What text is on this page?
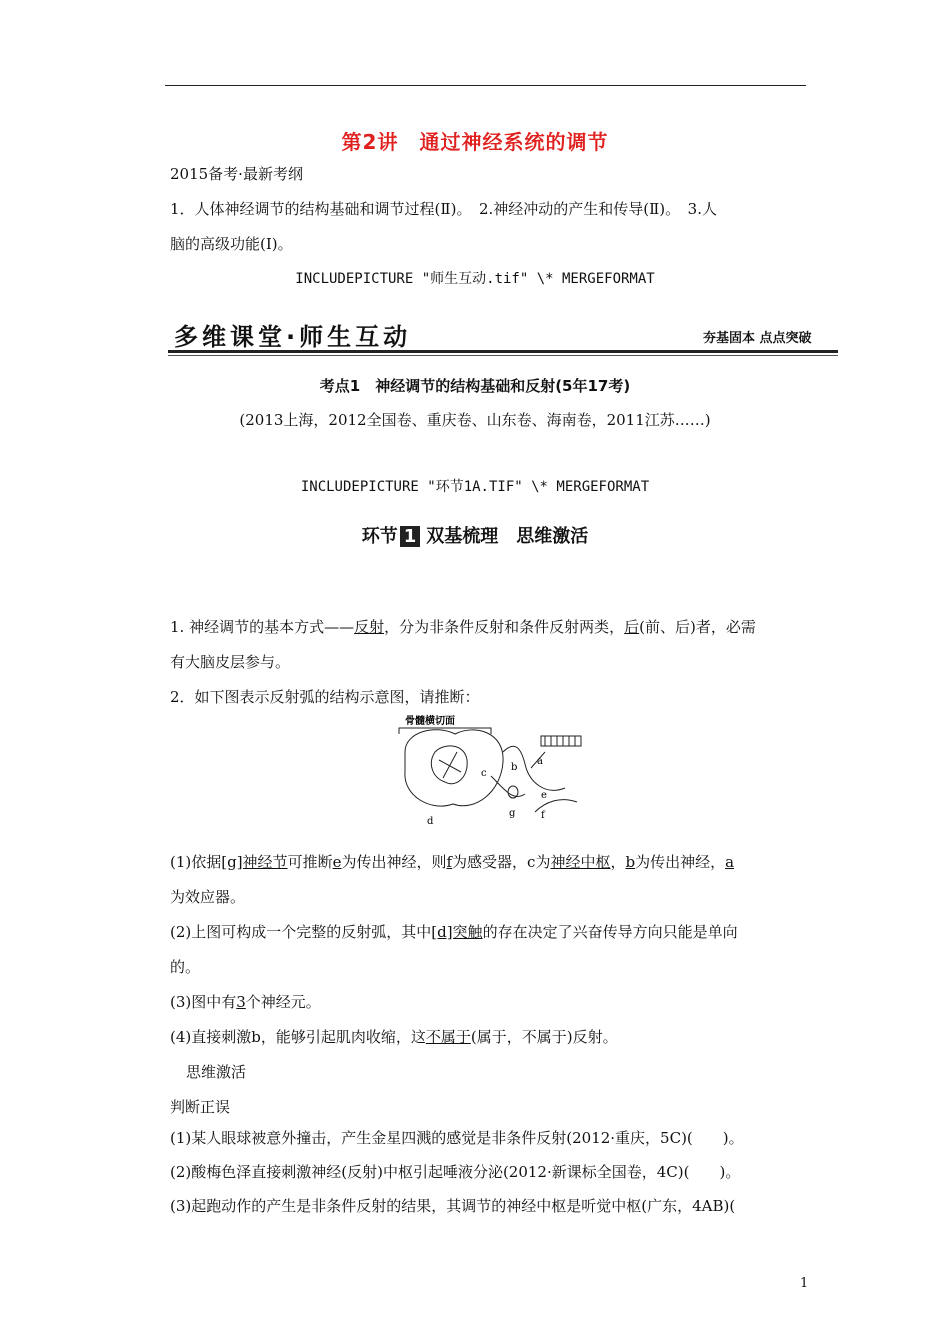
第2讲　通过神经系统的调节
2015备考·最新考纲
1．人体神经调节的结构基础和调节过程(Ⅱ)。　2.神经冲动的产生和传导(Ⅱ)。　3.人
脑的高级功能(Ⅰ)。
INCLUDEPICTURE "师生互动.tif" \* MERGEFORMAT
多维课堂·师生互动	夯基固本 点点突破
考点1　神经调节的结构基础和反射(5年17考)
(2013上海，2012全国卷、重庆卷、山东卷、海南卷，2011江苏……)
INCLUDEPICTURE "环节1A.TIF" \* MERGEFORMAT
环节 1 双基梳理　思维激活
1. 神经调节的基本方式——反射，分为非条件反射和条件反射两类，后(前、后)者，必需
有大脑皮层参与。
2．如下图表示反射弧的结构示意图，请推断：
骨髓横切面
a
b
c
d
e
f
g
(1)依据[g]神经节可推断e为传出神经，则f为感受器，c为神经中枢，b为传出神经，a
为效应器。
(2)上图可构成一个完整的反射弧，其中[d]突触的存在决定了兴奋传导方向只能是单向
的。
(3)图中有3个神经元。
(4)直接刺激b，能够引起肌肉收缩，这不属于(属于，不属于)反射。
思维激活
判断正误
(1)某人眼球被意外撞击，产生金星四溅的感觉是非条件反射(2012·重庆，5C)(　　)。
(2)酸梅色泽直接刺激神经(反射)中枢引起唾液分泌(2012·新课标全国卷，4C)(　　)。
(3)起跑动作的产生是非条件反射的结果，其调节的神经中枢是听觉中枢(广东，4AB)(
1
